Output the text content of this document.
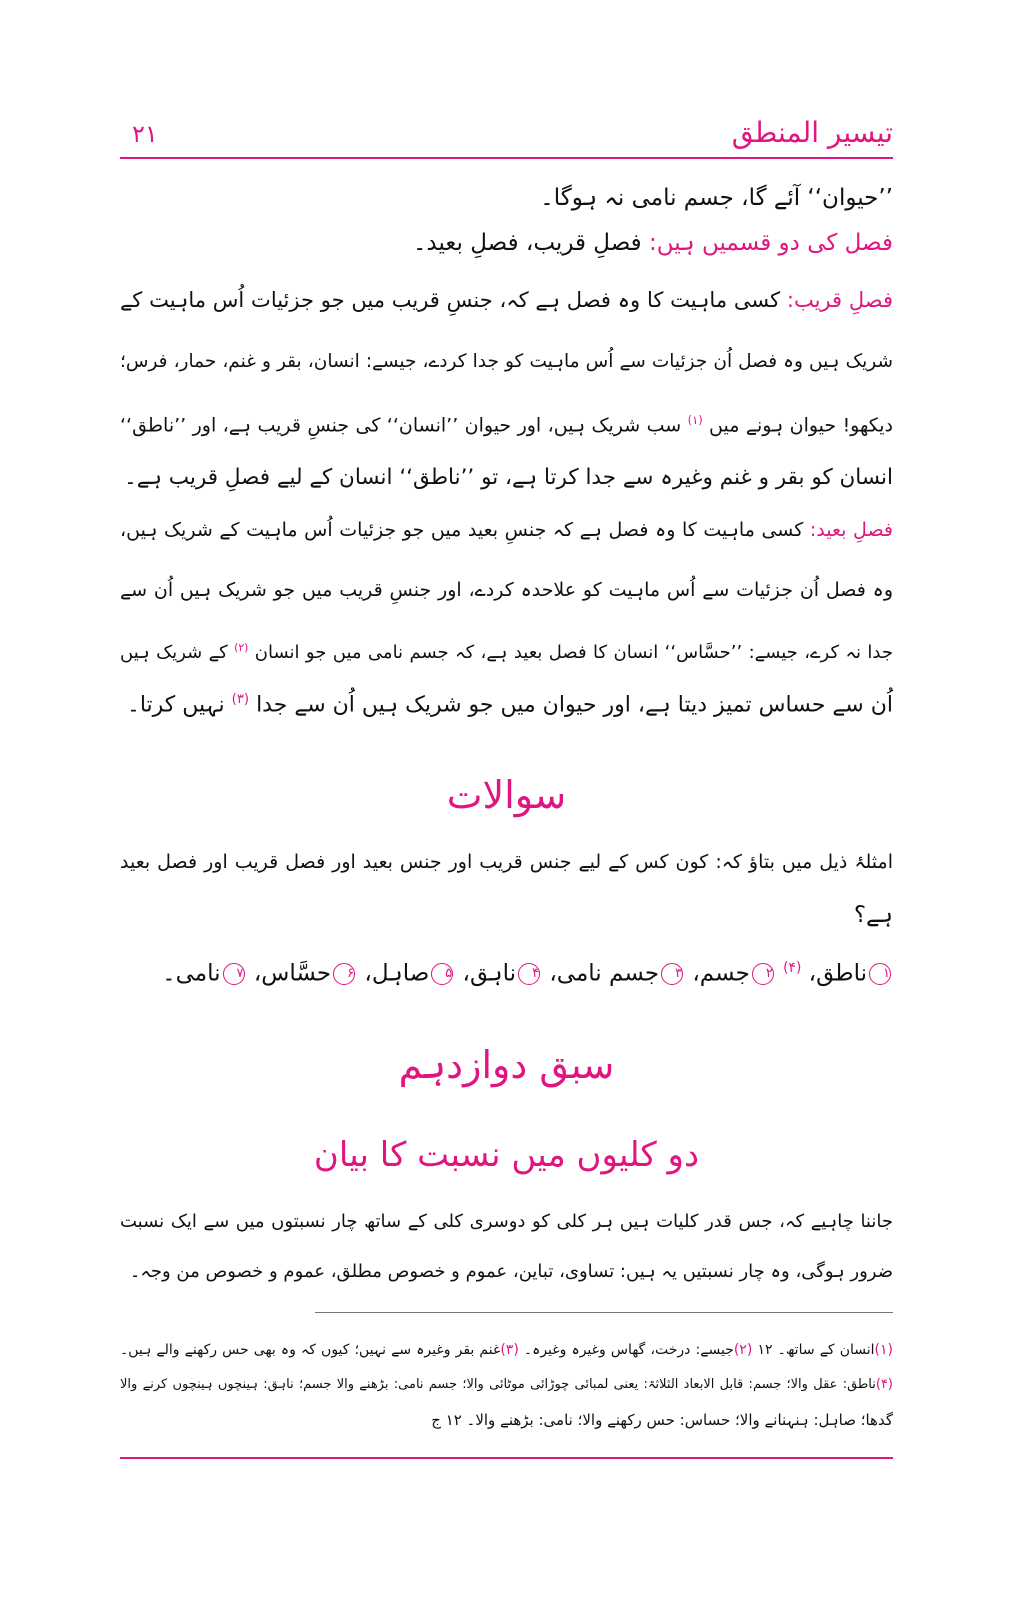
تیسیر المنطق
۲۱
’’حیوان‘‘ آئے گا، جسم نامی نہ ہوگا۔
فصل کی دو قسمیں ہیں: فصلِ قریب، فصلِ بعید۔
فصلِ قریب: کسی ماہیت کا وہ فصل ہے کہ، جنسِ قریب میں جو جزئیات اُس ماہیت کے
شریک ہیں وہ فصل اُن جزئیات سے اُس ماہیت کو جدا کردے، جیسے: انسان، بقر و غنم، حمار، فرس؛
دیکھو! حیوان ہونے میں $^{(۱)}$ سب شریک ہیں، اور حیوان ’’انسان‘‘ کی جنسِ قریب ہے، اور ’’ناطق‘‘
انسان کو بقر و غنم وغیرہ سے جدا کرتا ہے، تو ’’ناطق‘‘ انسان کے لیے فصلِ قریب ہے۔
فصلِ بعید: کسی ماہیت کا وہ فصل ہے کہ جنسِ بعید میں جو جزئیات اُس ماہیت کے شریک ہیں،
وہ فصل اُن جزئیات سے اُس ماہیت کو علاحدہ کردے، اور جنسِ قریب میں جو شریک ہیں اُن سے
جدا نہ کرے، جیسے: ’’حسَّاس‘‘ انسان کا فصل بعید ہے، کہ جسم نامی میں جو انسان $^{(۲)}$ کے شریک ہیں
اُن سے حساس تمیز دیتا ہے، اور حیوان میں جو شریک ہیں اُن سے جدا $^{(۳)}$ نہیں کرتا۔
سوالات
امثلۂ ذیل میں بتاؤ کہ: کون کس کے لیے جنس قریب اور جنس بعید اور فصل قریب اور فصل بعید
ہے؟
۱ناطق، $^{(۴)}$ ۲جسم، ۳جسم نامی، ۴ناہق، ۵صاہل، ۶حسَّاس، ۷نامی۔
سبق دوازدہم
دو کلیوں میں نسبت کا بیان
جاننا چاہیے کہ، جس قدر کلیات ہیں ہر کلی کو دوسری کلی کے ساتھ چار نسبتوں میں سے ایک نسبت
ضرور ہوگی، وہ چار نسبتیں یہ ہیں: تساوی، تباین، عموم و خصوص مطلق، عموم و خصوص من وجہ۔
(۱)انسان کے ساتھ۔ ۱۲ (۲)جیسے: درخت، گھاس وغیرہ وغیرہ۔ (۳)غنم بقر وغیرہ سے نہیں؛ کیوں کہ وہ بھی حس رکھنے والے ہیں۔
(۴)ناطق: عقل والا؛ جسم: قابل الابعاد الثلاثۃ: یعنی لمبائی چوڑائی موٹائی والا؛ جسم نامی: بڑھنے والا جسم؛ ناہق: ہینچوں ہینچوں کرنے والا
گدھا؛ صاہل: ہنہنانے والا؛ حساس: حس رکھنے والا؛ نامی: بڑھنے والا۔ ۱۲ ج
